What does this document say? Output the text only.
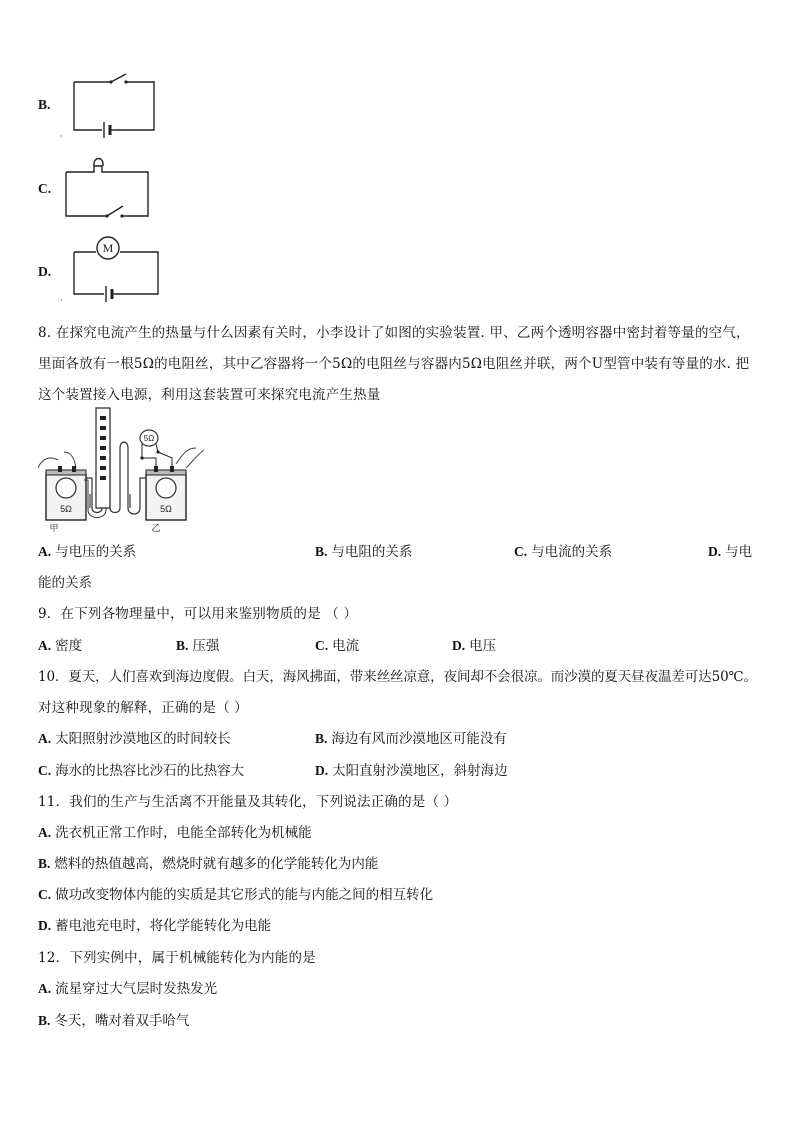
B.
·
C.
D.
M
·
8. 在探究电流产生的热量与什么因素有关时，小李设计了如图的实验装置. 甲、乙两个透明容器中密封着等量的空气，
里面各放有一根5Ω的电阻丝，其中乙容器将一个5Ω的电阻丝与容器内5Ω电阻丝并联，两个U型管中装有等量的水. 把
这个装置接入电源，利用这套装置可来探究电流产生热量
5Ω
甲
5Ω
乙
5Ω
A. 与电压的关系	B. 与电阻的关系	C. 与电流的关系	D. 与电
能的关系
9．在下列各物理量中，可以用来鉴别物质的是 （ ）
A. 密度	B. 压强	C. 电流	D. 电压
10．夏天，人们喜欢到海边度假。白天，海风拂面，带来丝丝凉意，夜间却不会很凉。而沙漠的夏天昼夜温差可达50℃。
对这种现象的解释，正确的是（ ）
A. 太阳照射沙漠地区的时间较长	B. 海边有风而沙漠地区可能没有
C. 海水的比热容比沙石的比热容大	D. 太阳直射沙漠地区，斜射海边
11．我们的生产与生活离不开能量及其转化，下列说法正确的是（ ）
A. 洗衣机正常工作时，电能全部转化为机械能
B. 燃料的热值越高，燃烧时就有越多的化学能转化为内能
C. 做功改变物体内能的实质是其它形式的能与内能之间的相互转化
D. 蓄电池充电时，将化学能转化为电能
12．下列实例中，属于机械能转化为内能的是
A. 流星穿过大气层时发热发光
B. 冬天，嘴对着双手哈气
